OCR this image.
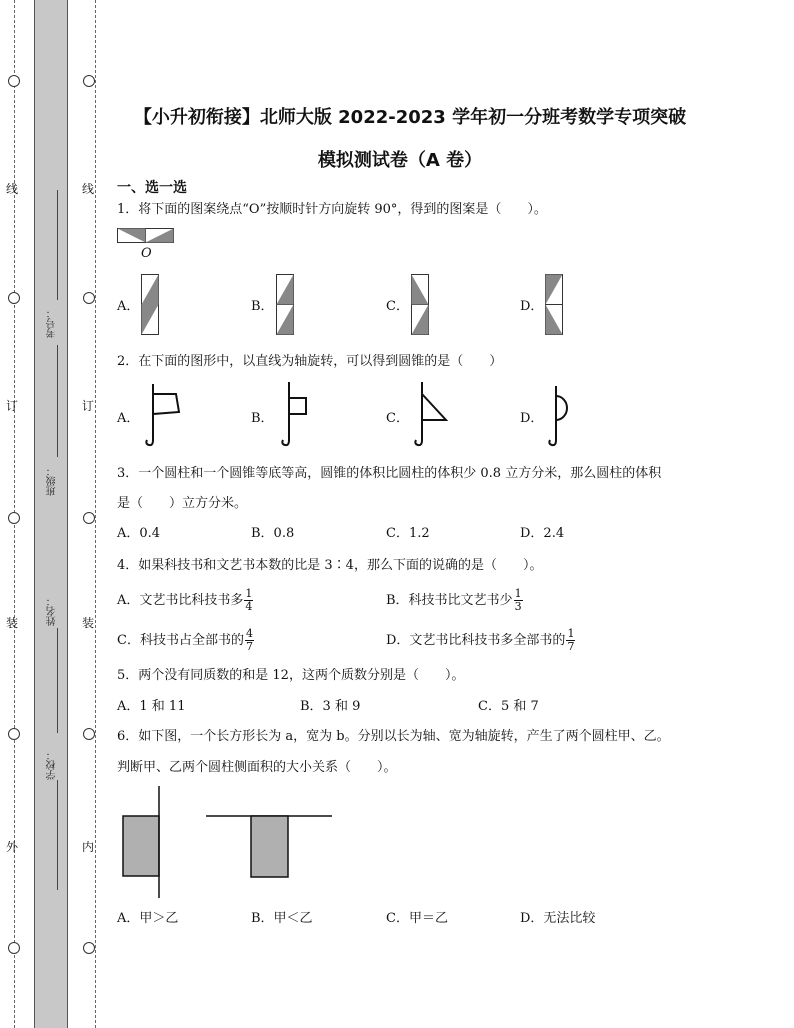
线
订
装
外
线
订
装
内
考号：
班级：
姓名：
学校：
【小升初衔接】北师大版 2022-2023 学年初一分班考数学专项突破
模拟测试卷（A 卷）
一、选一选
1．将下面的图案绕点“O”按顺时针方向旋转 90°，得到的图案是（　　）。
O
A．	B．	C．	D．
2．在下面的图形中，以直线为轴旋转，可以得到圆锥的是（　　）
A．	B．	C．	D．
3．一个圆柱和一个圆锥等底等高，圆锥的体积比圆柱的体积少 0.8 立方分米，那么圆柱的体积
是（　　）立方分米。
A．0.4	B．0.8	C．1.2	D．2.4
4．如果科技书和文艺书本数的比是 3∶4，那么下面的说确的是（　　）。
A．文艺书比科技书多 $\frac{1}{4}$	B．科技书比文艺书少 $\frac{1}{3}$
C．科技书占全部书的 $\frac{4}{7}$	D．文艺书比科技书多全部书的 $\frac{1}{7}$
5．两个没有同质数的和是 12，这两个质数分别是（　　）。
A．1 和 11	B．3 和 9	C．5 和 7
6．如下图，一个长方形长为 a，宽为 b。分别以长为轴、宽为轴旋转，产生了两个圆柱甲、乙。
判断甲、乙两个圆柱侧面积的大小关系（　　）。
A．甲＞乙	B．甲＜乙	C．甲＝乙	D．无法比较
